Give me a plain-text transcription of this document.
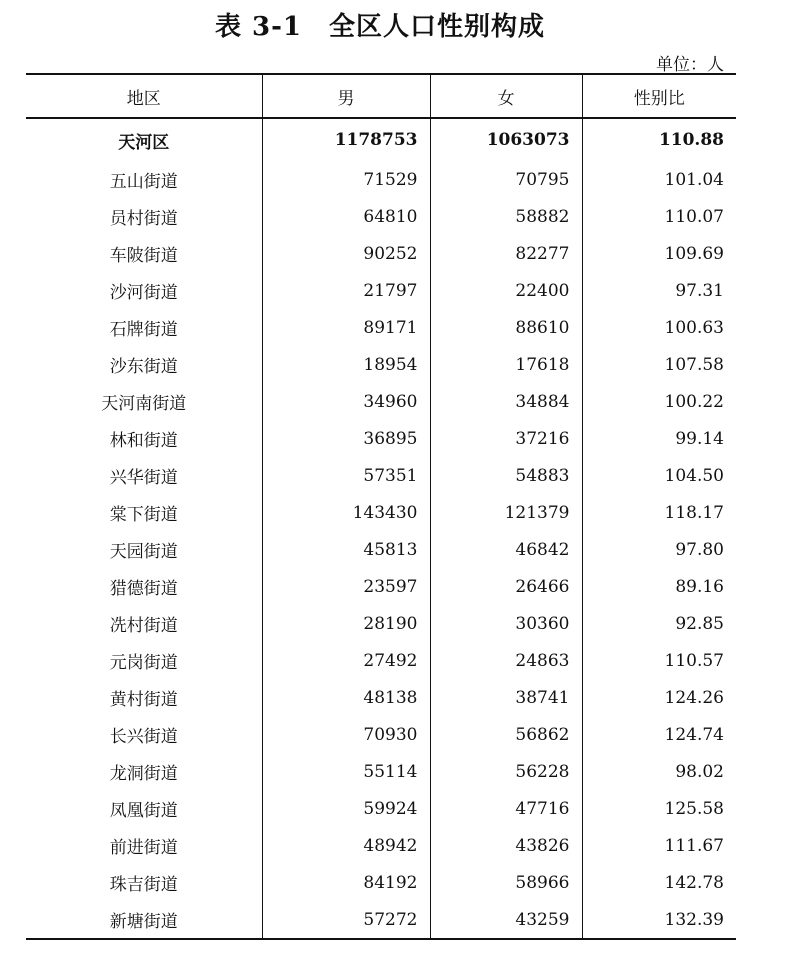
表 3-1　全区人口性别构成
单位：人
地区	男	女	性别比
天河区	1178753	1063073	110.88
五山街道	71529	70795	101.04
员村街道	64810	58882	110.07
车陂街道	90252	82277	109.69
沙河街道	21797	22400	97.31
石牌街道	89171	88610	100.63
沙东街道	18954	17618	107.58
天河南街道	34960	34884	100.22
林和街道	36895	37216	99.14
兴华街道	57351	54883	104.50
棠下街道	143430	121379	118.17
天园街道	45813	46842	97.80
猎德街道	23597	26466	89.16
冼村街道	28190	30360	92.85
元岗街道	27492	24863	110.57
黄村街道	48138	38741	124.26
长兴街道	70930	56862	124.74
龙洞街道	55114	56228	98.02
凤凰街道	59924	47716	125.58
前进街道	48942	43826	111.67
珠吉街道	84192	58966	142.78
新塘街道	57272	43259	132.39
